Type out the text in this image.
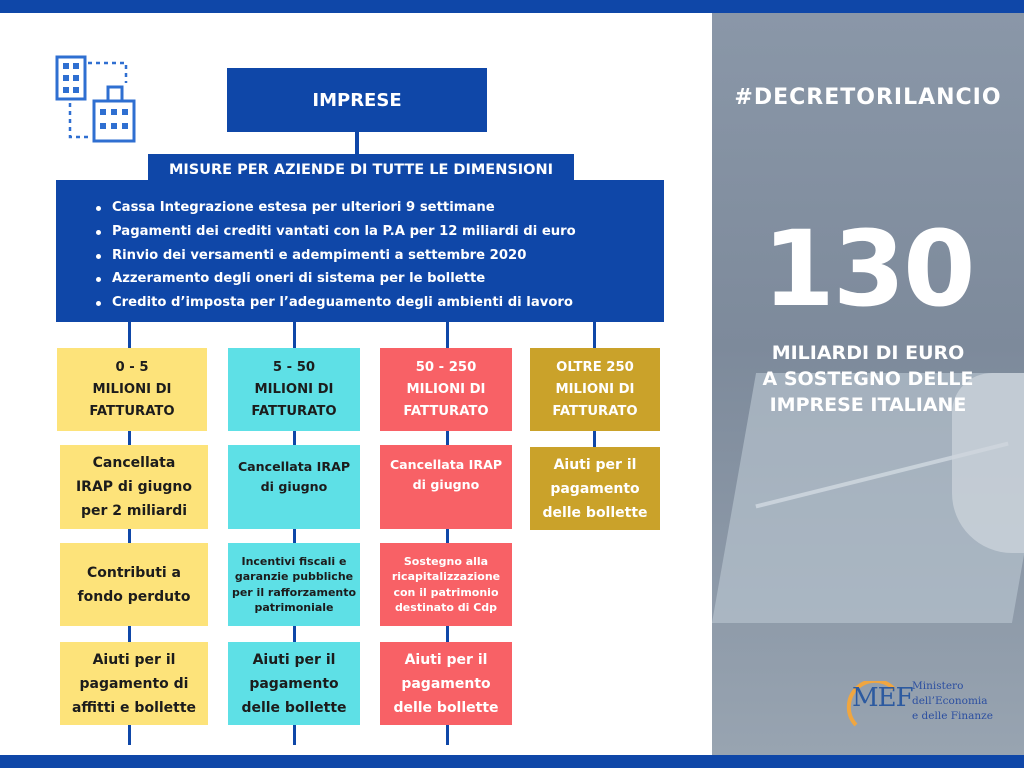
IMPRESE
Cassa Integrazione estesa per ulteriori 9 settimane
Pagamenti dei crediti vantati con la P.A per 12 miliardi di euro
Rinvio dei versamenti e adempimenti a settembre 2020
Azzeramento degli oneri di sistema per le bollette
Credito d’imposta per l’adeguamento degli ambienti di lavoro
MISURE PER AZIENDE DI TUTTE LE DIMENSIONI
0 - 5
MILIONI DI
FATTURATO
Cancellata
IRAP di giugno
per 2 miliardi
Contributi a
fondo perduto
Aiuti per il
pagamento di
affitti e bollette
5 - 50
MILIONI DI
FATTURATO
Cancellata IRAP
di giugno
Incentivi fiscali e
garanzie pubbliche
per il rafforzamento
patrimoniale
Aiuti per il
pagamento
delle bollette
50 - 250
MILIONI DI
FATTURATO
Cancellata IRAP
di giugno
Sostegno alla
ricapitalizzazione
con il patrimonio
destinato di Cdp
Aiuti per il
pagamento
delle bollette
OLTRE 250
MILIONI DI
FATTURATO
Aiuti per il
pagamento
delle bollette
#DECRETORILANCIO
130
MILIARDI DI EURO
A SOSTEGNO DELLE
IMPRESE ITALIANE
MEF Ministero
dell’Economia
e delle Finanze
